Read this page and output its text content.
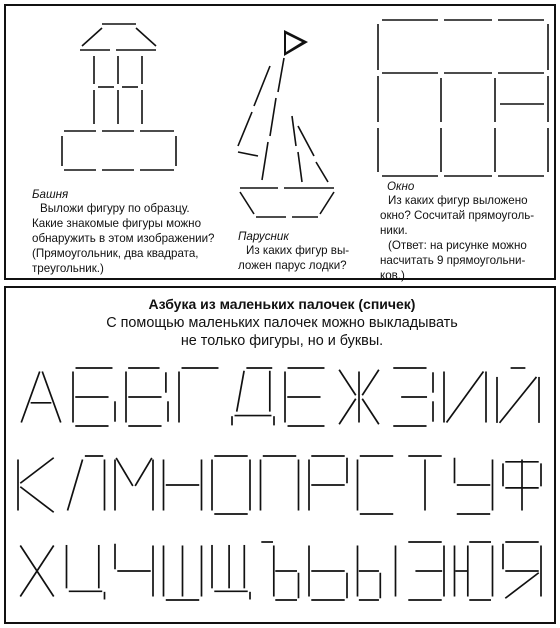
Башня
Выложи фигуру по образцу.
Какие знакомые фигуры можно
обнаружить в этом изображении?
(Прямоугольник, два квадрата,
треугольник.)
Парусник
Из каких фигур вы-
ложен парус лодки?
Окно
Из каких фигур выложено
окно? Сосчитай прямоуголь-
ники.
(Ответ: на рисунке можно
насчитать 9 прямоугольни-
ков.)
Азбука из маленьких палочек (спичек)
С помощью маленьких палочек можно выкладывать
не только фигуры, но и буквы.
